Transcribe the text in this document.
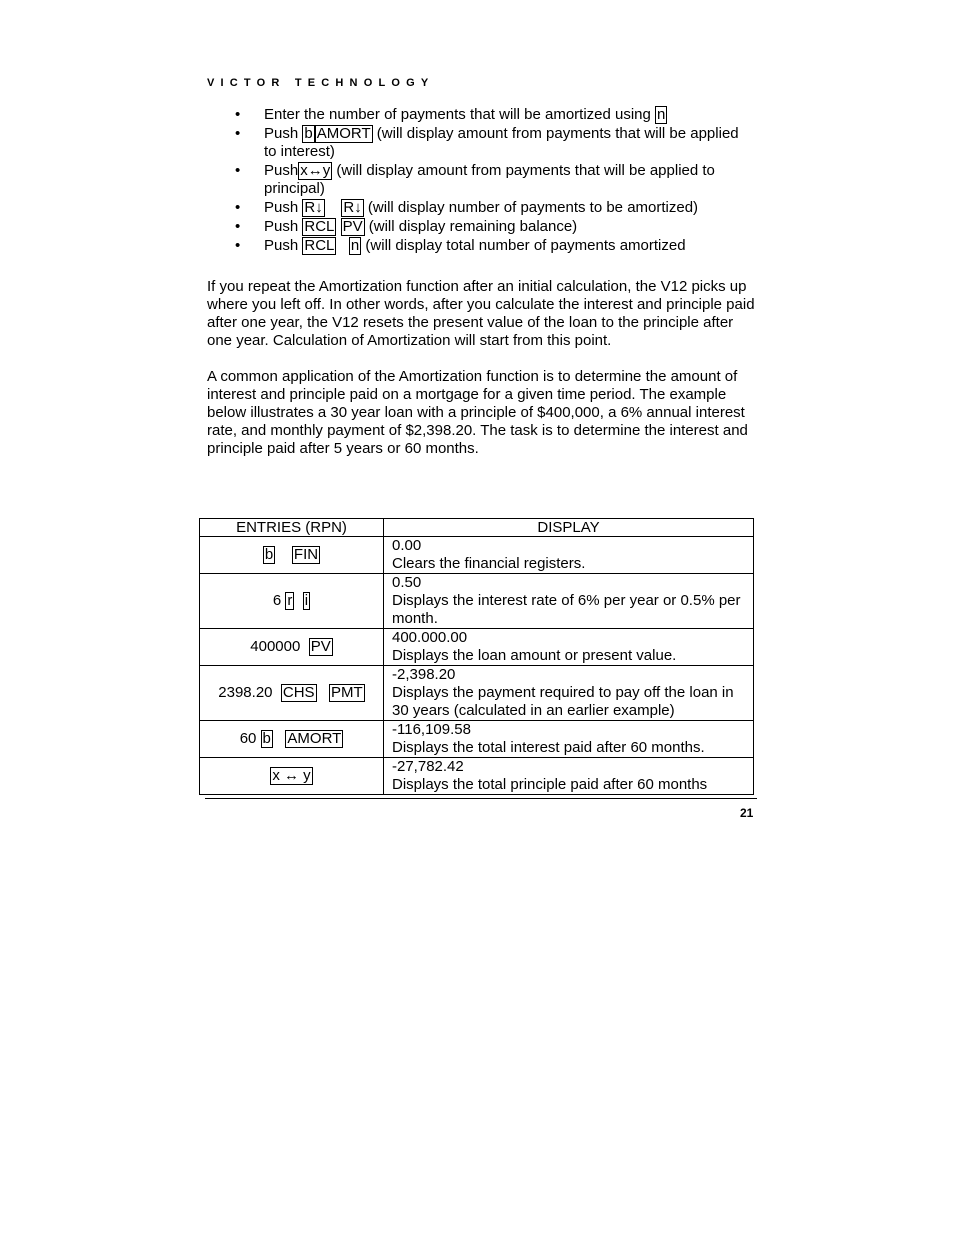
VICTOR TECHNOLOGY
• Enter the number of payments that will be amortized using n
• Push b AMORT (will display amount from payments that will be applied to interest)
• Push x↔y (will display amount from payments that will be applied to principal)
• Push R↓ R↓ (will display number of payments to be amortized)
• Push RCL PV (will display remaining balance)
• Push RCL n (will display total number of payments amortized

If you repeat the Amortization function after an initial calculation, the V12 picks up where you left off. In other words, after you calculate the interest and principle paid after one year, the V12 resets the present value of the loan to the principle after one year. Calculation of Amortization will start from this point.

A common application of the Amortization function is to determine the amount of interest and principle paid on a mortgage for a given time period. The example below illustrates a 30 year loan with a principle of $400,000, a 6% annual interest rate, and monthly payment of $2,398.20. The task is to determine the interest and principle paid after 5 years or 60 months.

ENTRIES (RPN)	DISPLAY
b FIN	0.00
Clears the financial registers.

6 r i	0.50
Displays the interest rate of 6% per year or 0.5% per month.

400000 PV	400.000.00
Displays the loan amount or present value.

2398.20 CHS PMT	-2,398.20
Displays the payment required to pay off the loan in 30 years (calculated in an earlier example)

60 b AMORT	-116,109.58
Displays the total interest paid after 60 months.

x ↔ y	-27,782.42
Displays the total principle paid after 60 months
21
